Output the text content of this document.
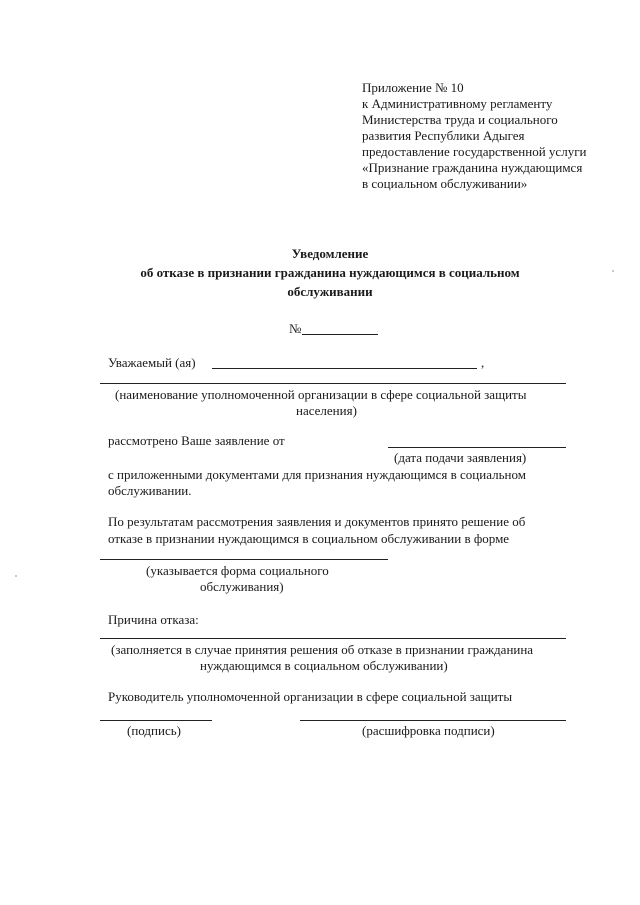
Приложение № 10
к Административному регламенту
Министерства труда и социального
развития Республики Адыгея
предоставление государственной услуги
«Признание гражданина нуждающимся
в социальном обслуживании»
Уведомление
об отказе в признании гражданина нуждающимся в социальном
обслуживании
№
Уважаемый (ая)	,
(наименование уполномоченной организации в сфере социальной защиты
населения)
рассмотрено Ваше заявление от
(дата подачи заявления)
с приложенными документами для признания нуждающимся в социальном
обслуживании.
По результатам рассмотрения заявления и документов принято решение об
отказе в признании нуждающимся в социальном обслуживании в форме
(указывается форма социального
обслуживания)
Причина отказа:
(заполняется в случае принятия решения об отказе в признании гражданина
нуждающимся в социальном обслуживании)
Руководитель уполномоченной организации в сфере социальной защиты
(подпись)	(расшифровка подписи)
